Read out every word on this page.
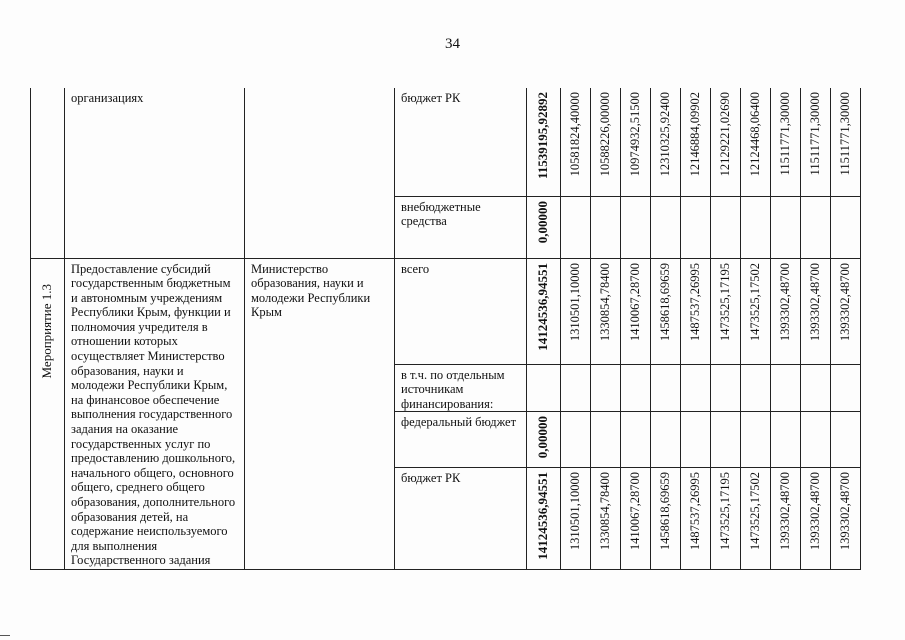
34

	организациях		бюджет РК	11539195,92892	10581824,40000	10588226,00000	10974932,51500	12310325,92400	12146884,09902	12129221,02690	12124468,06400	11511771,30000	11511771,30000	11511771,30000

			внебюджетные средства	0,00000										

Мероприятие 1.3	Предоставление субсидий государственным бюджетным и автономным учреждениям Республики Крым, функции и полномочия учредителя в отношении которых осуществляет Министерство образования, науки и молодежи Республики Крым, на финансовое обеспечение выполнения государственного задания на оказание государственных услуг по предоставлению дошкольного, начального общего, основного общего, среднего общего образования, дополнительного образования детей, на содержание неиспользуемого для выполнения Государственного задания	Министерство образования, науки и молодежи Республики Крым	всего	14124536,94551	1310501,10000	1330854,78400	1410067,28700	1458618,69659	1487537,26995	1473525,17195	1473525,17502	1393302,48700	1393302,48700	1393302,48700

			в т.ч. по отдельным источникам финансирования:											

			федеральный бюджет	0,00000										

			бюджет РК	14124536,94551	1310501,10000	1330854,78400	1410067,28700	1458618,69659	1487537,26995	1473525,17195	1473525,17502	1393302,48700	1393302,48700	1393302,48700
